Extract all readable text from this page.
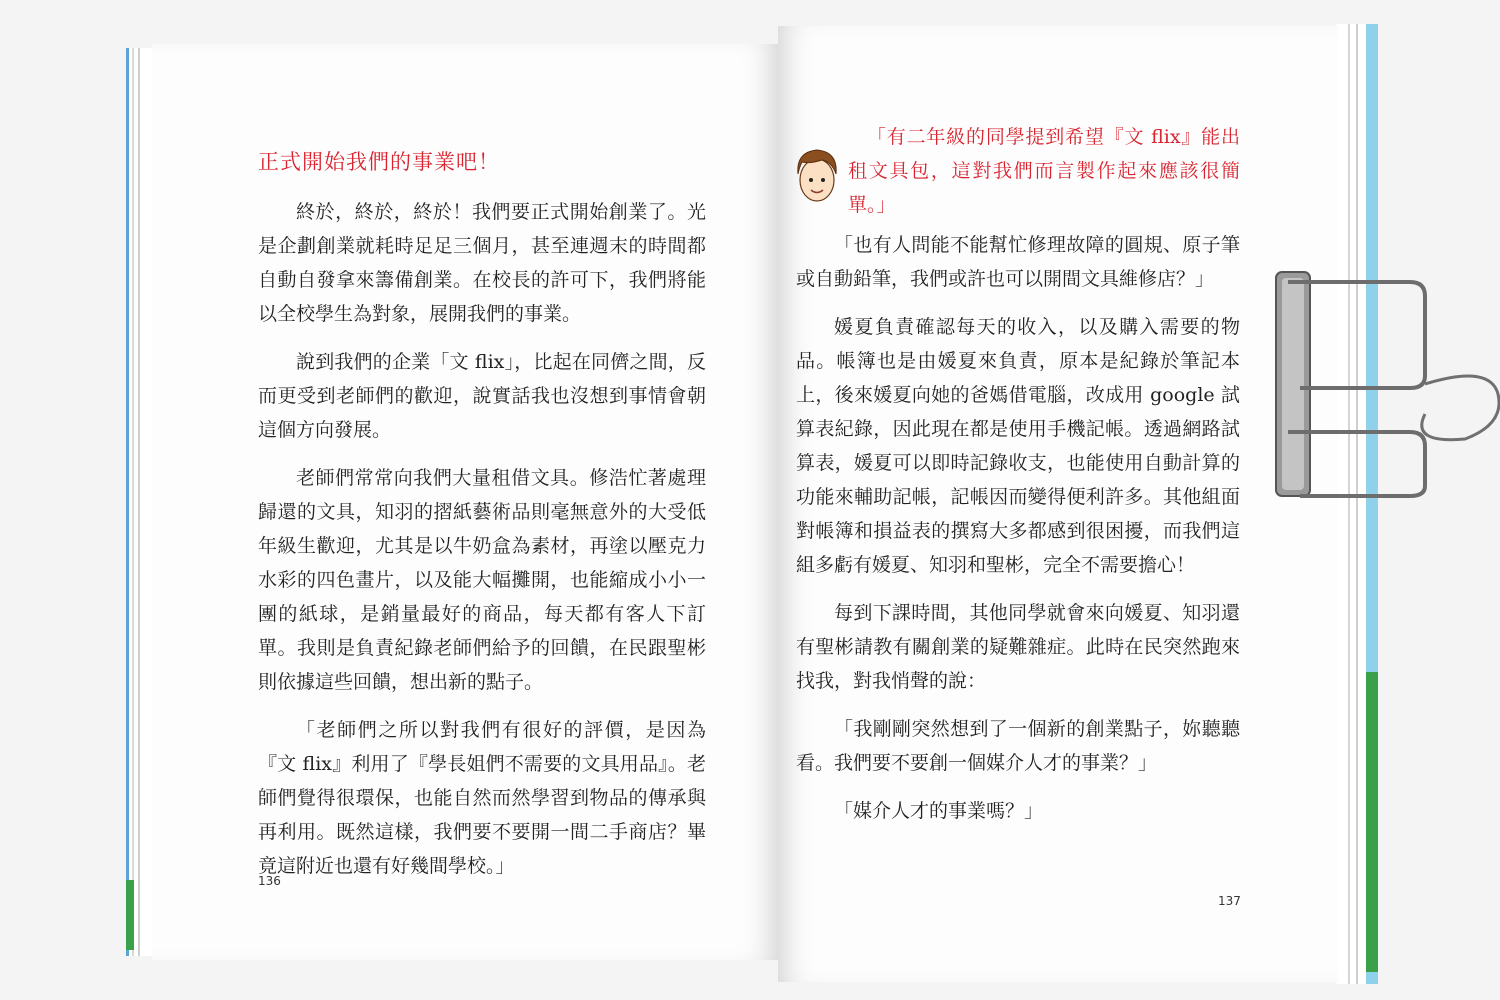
正式開始我們的事業吧！

終於，終於，終於！我們要正式開始創業了。光是企劃創業就耗時足足三個月，甚至連週末的時間都自動自發拿來籌備創業。在校長的許可下，我們將能以全校學生為對象，展開我們的事業。

說到我們的企業「文 flix」，比起在同儕之間，反而更受到老師們的歡迎，說實話我也沒想到事情會朝這個方向發展。

老師們常常向我們大量租借文具。修浩忙著處理歸還的文具，知羽的摺紙藝術品則毫無意外的大受低年級生歡迎，尤其是以牛奶盒為素材，再塗以壓克力水彩的四色畫片，以及能大幅攤開，也能縮成小小一團的紙球，是銷量最好的商品，每天都有客人下訂單。我則是負責紀錄老師們給予的回饋，在民跟聖彬則依據這些回饋，想出新的點子。

「老師們之所以對我們有很好的評價，是因為『文 flix』利用了『學長姐們不需要的文具用品』。老師們覺得很環保，也能自然而然學習到物品的傳承與再利用。既然這樣，我們要不要開一間二手商店？畢竟這附近也還有好幾間學校。」

136

「有二年級的同學提到希望『文 flix』能出租文具包，這對我們而言製作起來應該很簡單。」

「也有人問能不能幫忙修理故障的圓規、原子筆或自動鉛筆，我們或許也可以開間文具維修店？」

媛夏負責確認每天的收入，以及購入需要的物品。帳簿也是由媛夏來負責，原本是紀錄於筆記本上，後來媛夏向她的爸媽借電腦，改成用 google 試算表紀錄，因此現在都是使用手機記帳。透過網路試算表，媛夏可以即時記錄收支，也能使用自動計算的功能來輔助記帳，記帳因而變得便利許多。其他組面對帳簿和損益表的撰寫大多都感到很困擾，而我們這組多虧有媛夏、知羽和聖彬，完全不需要擔心！

每到下課時間，其他同學就會來向媛夏、知羽還有聖彬請教有關創業的疑難雜症。此時在民突然跑來找我，對我悄聲的說：

「我剛剛突然想到了一個新的創業點子，妳聽聽看。我們要不要創一個媒介人才的事業？」

「媒介人才的事業嗎？」

137
